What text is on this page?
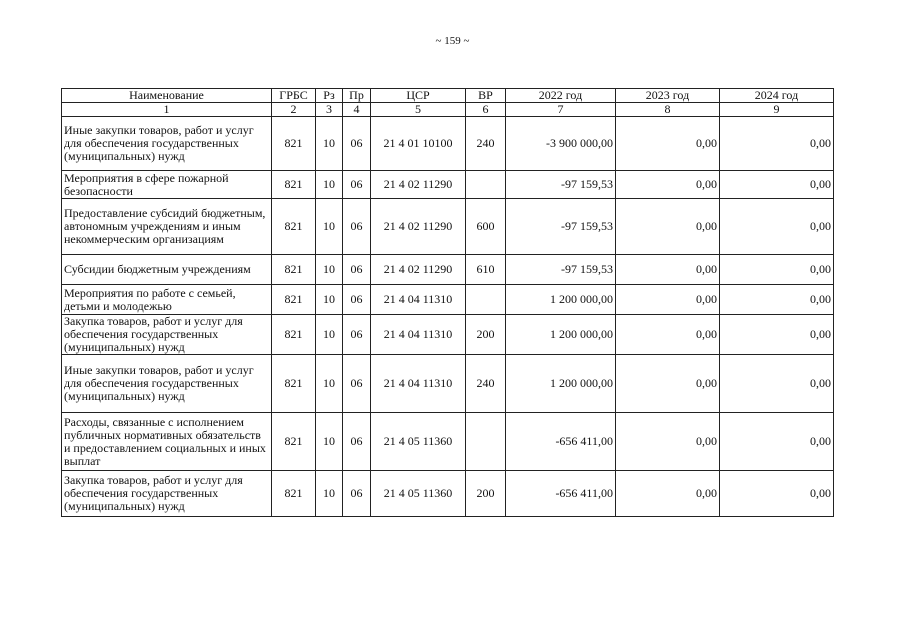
~ 159 ~
Наименование	ГРБС	Рз	Пр	ЦСР	ВР	2022 год	2023 год	2024 год
1	2	3	4	5	6	7	8	9
Иные закупки товаров, работ и услуг для обеспечения государственных (муниципальных) нужд	821	10	06	21 4 01 10100	240	-3 900 000,00	0,00	0,00
Мероприятия в сфере пожарной безопасности	821	10	06	21 4 02 11290		-97 159,53	0,00	0,00
Предоставление субсидий бюджетным, автономным учреждениям и иным некоммерческим организациям	821	10	06	21 4 02 11290	600	-97 159,53	0,00	0,00
Субсидии бюджетным учреждениям	821	10	06	21 4 02 11290	610	-97 159,53	0,00	0,00
Мероприятия по работе с семьей, детьми и молодежью	821	10	06	21 4 04 11310		1 200 000,00	0,00	0,00
Закупка товаров, работ и услуг для обеспечения государственных (муниципальных) нужд	821	10	06	21 4 04 11310	200	1 200 000,00	0,00	0,00
Иные закупки товаров, работ и услуг для обеспечения государственных (муниципальных) нужд	821	10	06	21 4 04 11310	240	1 200 000,00	0,00	0,00
Расходы, связанные с исполнением публичных нормативных обязательств и предоставлением социальных и иных выплат	821	10	06	21 4 05 11360		-656 411,00	0,00	0,00
Закупка товаров, работ и услуг для обеспечения государственных (муниципальных) нужд	821	10	06	21 4 05 11360	200	-656 411,00	0,00	0,00
